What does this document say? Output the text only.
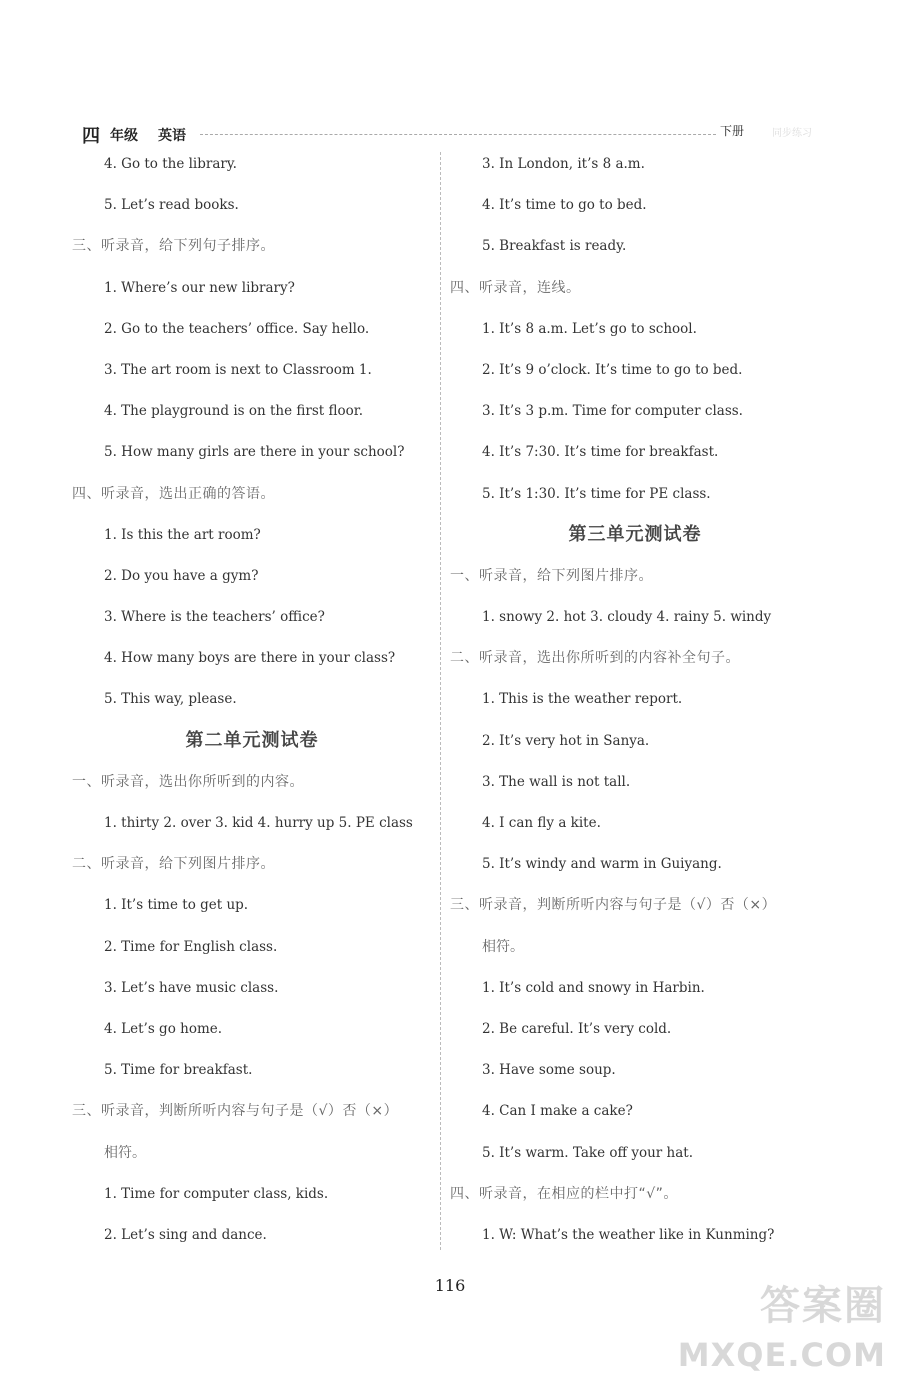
四 年级 英语	下册	同步练习
4. Go to the library.
5. Let’s read books.
三、听录音，给下列句子排序。
1. Where’s our new library?
2. Go to the teachers’ office. Say hello.
3. The art room is next to Classroom 1.
4. The playground is on the first floor.
5. How many girls are there in your school?
四、听录音，选出正确的答语。
1. Is this the art room?
2. Do you have a gym?
3. Where is the teachers’ office?
4. How many boys are there in your class?
5. This way, please.
第二单元测试卷
一、听录音，选出你所听到的内容。
1. thirty 2. over 3. kid 4. hurry up 5. PE class
二、听录音，给下列图片排序。
1. It’s time to get up.
2. Time for English class.
3. Let’s have music class.
4. Let’s go home.
5. Time for breakfast.
三、听录音，判断所听内容与句子是（√）否（×）
相符。
1. Time for computer class, kids.
2. Let’s sing and dance.
3. In London, it’s 8 a.m.
4. It’s time to go to bed.
5. Breakfast is ready.
四、听录音，连线。
1. It’s 8 a.m. Let’s go to school.
2. It’s 9 o’clock. It’s time to go to bed.
3. It’s 3 p.m. Time for computer class.
4. It’s 7:30. It’s time for breakfast.
5. It’s 1:30. It’s time for PE class.
第三单元测试卷
一、听录音，给下列图片排序。
1. snowy 2. hot 3. cloudy 4. rainy 5. windy
二、听录音，选出你所听到的内容补全句子。
1. This is the weather report.
2. It’s very hot in Sanya.
3. The wall is not tall.
4. I can fly a kite.
5. It’s windy and warm in Guiyang.
三、听录音，判断所听内容与句子是（√）否（×）
相符。
1. It’s cold and snowy in Harbin.
2. Be careful. It’s very cold.
3. Have some soup.
4. Can I make a cake?
5. It’s warm. Take off your hat.
四、听录音，在相应的栏中打“√”。
1. W: What’s the weather like in Kunming?
116	答案圈
MXQE.COM
